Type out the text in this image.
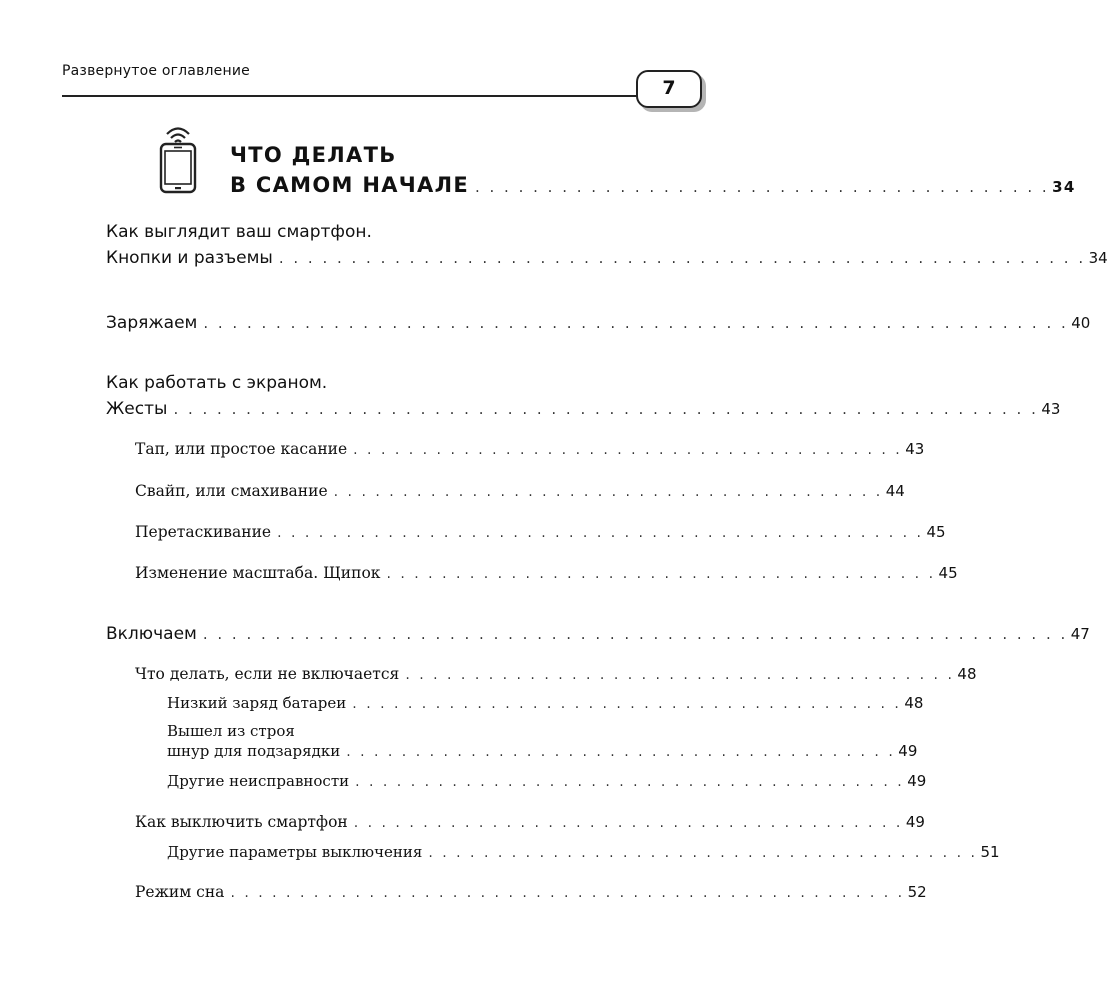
Развернутое оглавление
7
ЧТО ДЕЛАТЬ
В САМОМ НАЧАЛЕ . . . . . . . . . . . . . . . . . . . . . . . . . . . . . . . . . . . . . . . . 34
Как выглядит ваш смартфон.
Кнопки и разъемы . . . . . . . . . . . . . . . . . . . . . . . . . . . . . . . . . . . . . . . . . . . . . . . . . . . . . . . . 34
Заряжаем . . . . . . . . . . . . . . . . . . . . . . . . . . . . . . . . . . . . . . . . . . . . . . . . . . . . . . . . . . . . 40
Как работать с экраном.
Жесты . . . . . . . . . . . . . . . . . . . . . . . . . . . . . . . . . . . . . . . . . . . . . . . . . . . . . . . . . . . . 43
Тап, или простое касание . . . . . . . . . . . . . . . . . . . . . . . . . . . . . . . . . . . . . . . . 43
Свайп, или смахивание . . . . . . . . . . . . . . . . . . . . . . . . . . . . . . . . . . . . . . . . 44
Перетаскивание . . . . . . . . . . . . . . . . . . . . . . . . . . . . . . . . . . . . . . . . . . . . . . . 45
Изменение масштаба. Щипок . . . . . . . . . . . . . . . . . . . . . . . . . . . . . . . . . . . . . . . . 45
Включаем . . . . . . . . . . . . . . . . . . . . . . . . . . . . . . . . . . . . . . . . . . . . . . . . . . . . . . . . . . . . 47
Что делать, если не включается . . . . . . . . . . . . . . . . . . . . . . . . . . . . . . . . . . . . . . . . 48
Низкий заряд батареи . . . . . . . . . . . . . . . . . . . . . . . . . . . . . . . . . . . . . . . . 48
Вышел из строя
шнур для подзарядки . . . . . . . . . . . . . . . . . . . . . . . . . . . . . . . . . . . . . . . . 49
Другие неисправности . . . . . . . . . . . . . . . . . . . . . . . . . . . . . . . . . . . . . . . . 49
Как выключить смартфон . . . . . . . . . . . . . . . . . . . . . . . . . . . . . . . . . . . . . . . . 49
Другие параметры выключения . . . . . . . . . . . . . . . . . . . . . . . . . . . . . . . . . . . . . . . . 51
Режим сна . . . . . . . . . . . . . . . . . . . . . . . . . . . . . . . . . . . . . . . . . . . . . . . . . 52
